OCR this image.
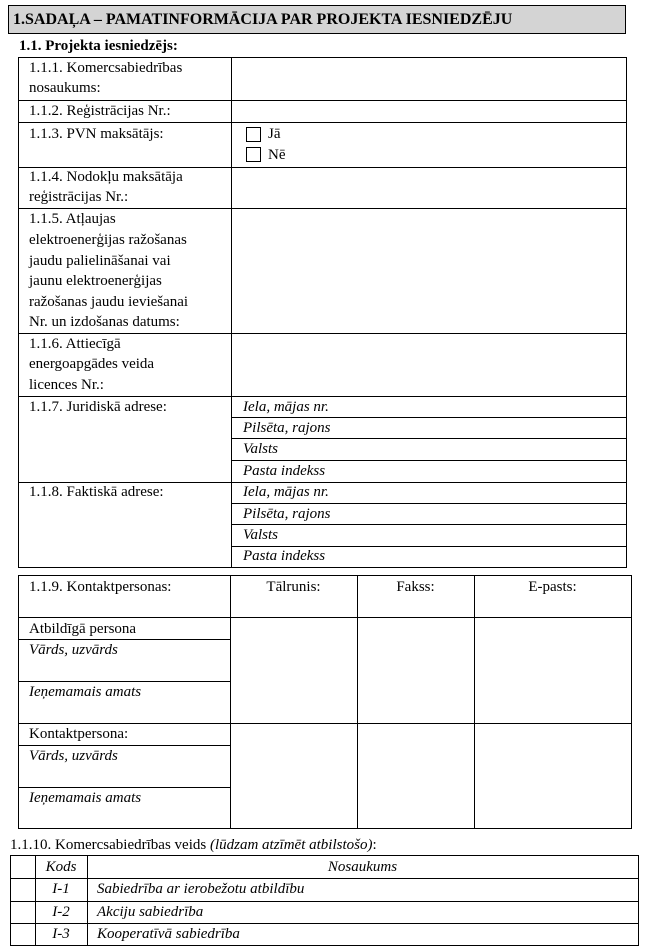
1.SADAĻA – PAMATINFORMĀCIJA PAR PROJEKTA IESNIEDZĒJU
1.1. Projekta iesniedzējs:
1.1.1. Komercsabiedrības
nosaukums:
1.1.2. Reģistrācijas Nr.:
1.1.3. PVN maksātājs:	Jā
Nē
1.1.4. Nodokļu maksātāja
reģistrācijas Nr.:
1.1.5. Atļaujas
elektroenerģijas ražošanas
jaudu palielināšanai vai
jaunu elektroenerģijas
ražošanas jaudu ieviešanai
Nr. un izdošanas datums:
1.1.6. Attiecīgā
energoapgādes veida
licences Nr.:
1.1.7. Juridiskā adrese:	Iela, mājas nr.
Pilsēta, rajons
Valsts
Pasta indekss
1.1.8. Faktiskā adrese:	Iela, mājas nr.
Pilsēta, rajons
Valsts
Pasta indekss
1.1.9. Kontaktpersonas:	Tālrunis:	Fakss:	E-pasts:
Atbildīgā persona
Vārds, uzvārds
Ieņemamais amats
Kontaktpersona:
Vārds, uzvārds
Ieņemamais amats
1.1.10. Komercsabiedrības veids (lūdzam atzīmēt atbilstošo):
Kods	Nosaukums
I-1	Sabiedrība ar ierobežotu atbildību
I-2	Akciju sabiedrība
I-3	Kooperatīvā sabiedrība
